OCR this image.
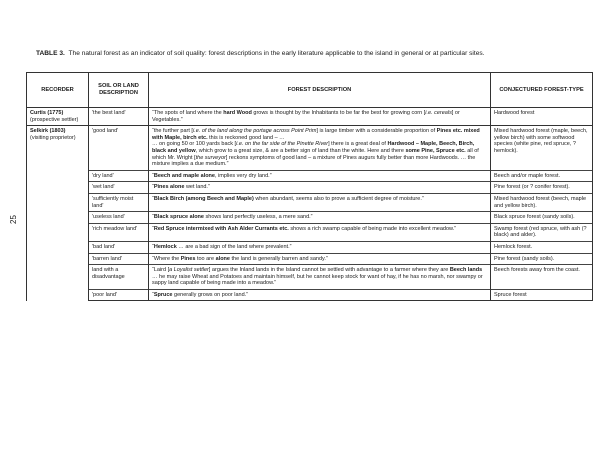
TABLE 3. The natural forest as an indicator of soil quality: forest descriptions in the early literature applicable to the island in general or at particular sites.
25
RECORDER	SOIL OR LAND DESCRIPTION	FOREST DESCRIPTION	CONJECTURED FOREST-TYPE
Curtis (1775)
(prospective settler)	'the best land'	“The spots of land where the hard Wood grows is thought by the Inhabitants to be far the best for growing corn [i.e. cereals] or Vegetables.”	Hardwood forest
Selkirk (1803)
(visiting proprietor)	'good land'	“the further part [i.e. of the land along the portage across Point Prim] is large timber with a considerable proportion of Pines etc. mixed with Maple, birch etc. this is reckoned good land – …
… on going 50 or 100 yards back [i.e. on the far side of the Pinette River] there is a great deal of Hardwood – Maple, Beech, Birch, black and yellow, which grow to a great size, & are a better sign of land than the white. Here and there some Pine, Spruce etc. all of which Mr. Wright [the surveyor] reckons symptoms of good land – a mixture of Pines augurs fully better than more Hardwoods. … the mixture implies a due medium.”	Mixed hardwood forest (maple, beech, yellow birch) with some softwood species (white pine, red spruce, ?hemlock).
	'dry land'	“Beech and maple alone, implies very dry land.”	Beech and/or maple forest.
	'wet land'	“Pines alone wet land.”	Pine forest (or ? conifer forest).
	'sufficiently moist land'	“Black Birch (among Beech and Maple) when abundant, seems also to prove a sufficient degree of moisture.”	Mixed hardwood forest (beech, maple and yellow birch).
	'useless land'	“Black spruce alone shows land perfectly useless, a mere sand.”	Black spruce forest (sandy soils).
	'rich meadow land'	“Red Spruce intermixed with Ash Alder Currants etc. shows a rich swamp capable of being made into excellent meadow.”	Swamp forest (red spruce, with ash (? black) and alder).
	'bad land'	“Hemlock … are a bad sign of the land where prevalent.”	Hemlock forest.
	'barren land'	“Where the Pines too are alone the land is generally barren and sandy.”	Pine forest (sandy soils).
	land with a disadvantage	“Laird [a Loyalist settler] argues the Inland lands in the Island cannot be settled with advantage to a farmer where they are Beech lands … he may raise Wheat and Potatoes and maintain himself, but he cannot keep stock for want of hay, if he has no marsh, nor swampy or sappy land capable of being made into a meadow.”	Beech forests away from the coast.
	'poor land'	“Spruce generally grows on poor land.”	Spruce forest
